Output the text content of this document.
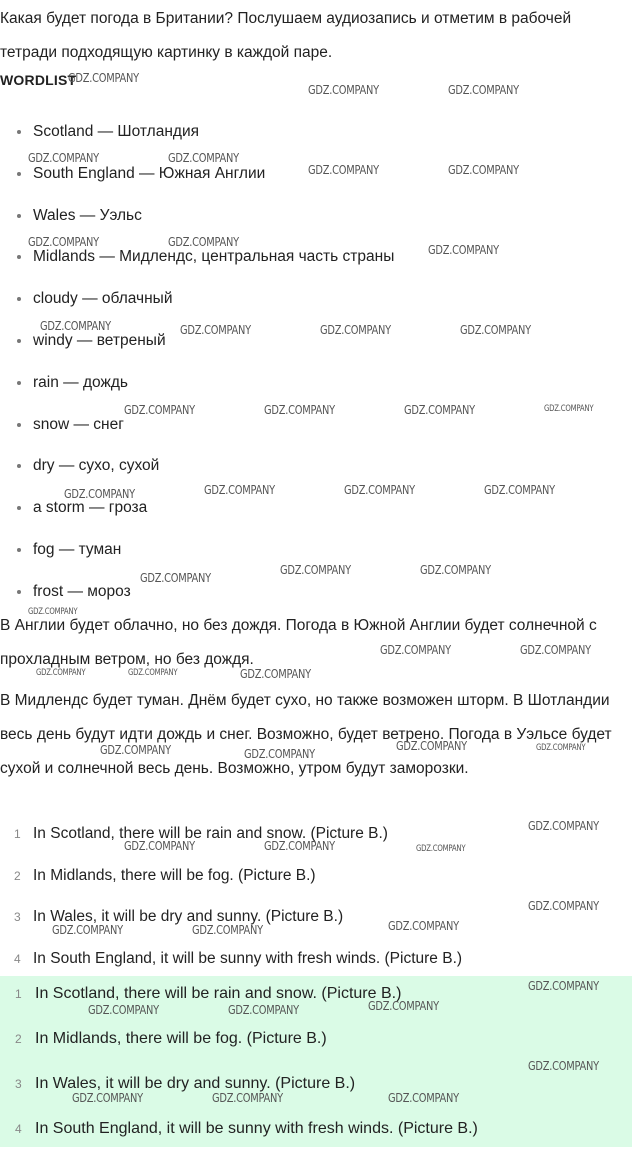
Какая будет погода в Британии? Послушаем аудиозапись и отметим в рабочей тетради подходящую картинку в каждой паре.
WORDLIST
Scotland — Шотландия
South England — Южная Англии
Wales — Уэльс
Midlands — Мидлендс, центральная часть страны
cloudy — облачный
windy — ветреный
rain — дождь
snow — снег
dry — сухо, сухой
a storm — гроза
fog — туман
frost — мороз
В Англии будет облачно, но без дождя. Погода в Южной Англии будет солнечной с прохладным ветром, но без дождя.
В Мидлендс будет туман. Днём будет сухо, но также возможен шторм. В Шотландии весь день будут идти дождь и снег. Возможно, будет ветрено. Погода в Уэльсе будет сухой и солнечной весь день. Возможно, утром будут заморозки.
1 In Scotland, there will be rain and snow. (Picture B.)
2 In Midlands, there will be fog. (Picture B.)
3 In Wales, it will be dry and sunny. (Picture B.)
4 In South England, it will be sunny with fresh winds. (Picture B.)
1 In Scotland, there will be rain and snow. (Picture B.)
2 In Midlands, there will be fog. (Picture B.)
3 In Wales, it will be dry and sunny. (Picture B.)
4 In South England, it will be sunny with fresh winds. (Picture B.)
GDZ.COMPANY
GDZ.COMPANY	GDZ.COMPANY
GDZ.COMPANY	GDZ.COMPANY
GDZ.COMPANY	GDZ.COMPANY
GDZ.COMPANY	GDZ.COMPANY
GDZ.COMPANY
GDZ.COMPANY	GDZ.COMPANY	GDZ.COMPANY	GDZ.COMPANY
GDZ.COMPANY	GDZ.COMPANY	GDZ.COMPANY	GDZ.COMPANY
GDZ.COMPANY	GDZ.COMPANY	GDZ.COMPANY	GDZ.COMPANY
GDZ.COMPANY
GDZ.COMPANY	GDZ.COMPANY
GDZ.COMPANY
GDZ.COMPANY	GDZ.COMPANY
GDZ.COMPANY	GDZ.COMPANY	GDZ.COMPANY
GDZ.COMPANY	GDZ.COMPANY
GDZ.COMPANY	GDZ.COMPANY
GDZ.COMPANY
GDZ.COMPANY	GDZ.COMPANY	GDZ.COMPANY
GDZ.COMPANY
GDZ.COMPANY	GDZ.COMPANY	GDZ.COMPANY
GDZ.COMPANY
GDZ.COMPANY	GDZ.COMPANY	GDZ.COMPANY
GDZ.COMPANY
GDZ.COMPANY	GDZ.COMPANY	GDZ.COMPANY
